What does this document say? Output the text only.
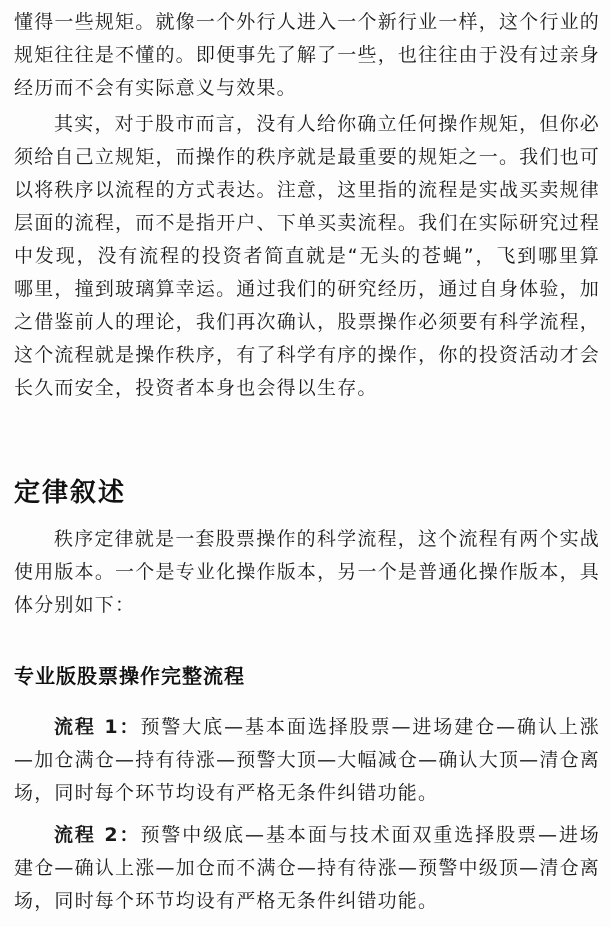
懂得一些规矩。就像一个外行人进入一个新行业一样，这个行业的规矩往往是不懂的。即便事先了解了一些，也往往由于没有过亲身经历而不会有实际意义与效果。

其实，对于股市而言，没有人给你确立任何操作规矩，但你必须给自己立规矩，而操作的秩序就是最重要的规矩之一。我们也可以将秩序以流程的方式表达。注意，这里指的流程是实战买卖规律层面的流程，而不是指开户、下单买卖流程。我们在实际研究过程中发现，没有流程的投资者简直就是“无头的苍蝇”，飞到哪里算哪里，撞到玻璃算幸运。通过我们的研究经历，通过自身体验，加之借鉴前人的理论，我们再次确认，股票操作必须要有科学流程，这个流程就是操作秩序，有了科学有序的操作，你的投资活动才会长久而安全，投资者本身也会得以生存。

定律叙述

秩序定律就是一套股票操作的科学流程，这个流程有两个实战使用版本。一个是专业化操作版本，另一个是普通化操作版本，具体分别如下：

专业版股票操作完整流程

流程 1：预警大底—基本面选择股票—进场建仓—确认上涨—加仓满仓—持有待涨—预警大顶—大幅减仓—确认大顶—清仓离场，同时每个环节均设有严格无条件纠错功能。

流程 2：预警中级底—基本面与技术面双重选择股票—进场建仓—确认上涨—加仓而不满仓—持有待涨—预警中级顶—清仓离场，同时每个环节均设有严格无条件纠错功能。
